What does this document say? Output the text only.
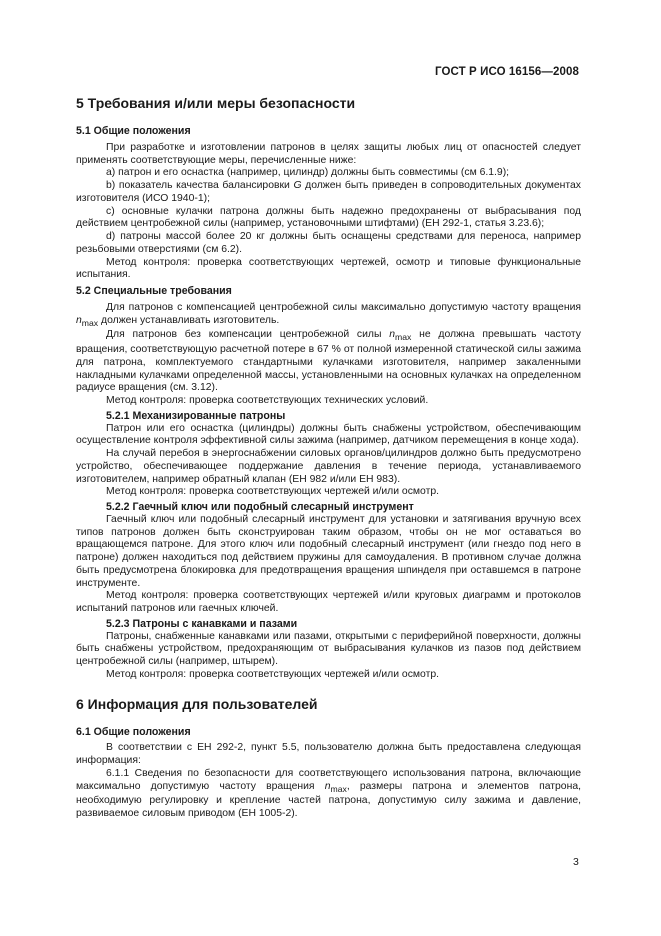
ГОСТ Р ИСО 16156—2008
5 Требования и/или меры безопасности
5.1 Общие положения

При разработке и изготовлении патронов в целях защиты любых лиц от опасностей следует применять соответствующие меры, перечисленные ниже:

a) патрон и его оснастка (например, цилиндр) должны быть совместимы (см 6.1.9);

b) показатель качества балансировки G должен быть приведен в сопроводительных документах изготовителя (ИСО 1940-1);

c) основные кулачки патрона должны быть надежно предохранены от выбрасывания под действием центробежной силы (например, установочными штифтами) (ЕН 292-1, статья 3.23.6);

d) патроны массой более 20 кг должны быть оснащены средствами для переноса, например резьбовыми отверстиями (см 6.2).

Метод контроля: проверка соответствующих чертежей, осмотр и типовые функциональные испытания.

5.2 Специальные требования

Для патронов с компенсацией центробежной силы максимально допустимую частоту вращения $n_{max}$ должен устанавливать изготовитель.

Для патронов без компенсации центробежной силы $n_{max}$ не должна превышать частоту вращения, соответствующую расчетной потере в 67 % от полной измеренной статической силы зажима для патрона, комплектуемого стандартными кулачками изготовителя, например закаленными накладными кулачками определенной массы, установленными на основных кулачках на определенном радиусе вращения (см. 3.12).

Метод контроля: проверка соответствующих технических условий.

5.2.1 Механизированные патроны

Патрон или его оснастка (цилиндры) должны быть снабжены устройством, обеспечивающим осуществление контроля эффективной силы зажима (например, датчиком перемещения в конце хода).

На случай перебоя в энергоснабжении силовых органов/цилиндров должно быть предусмотрено устройство, обеспечивающее поддержание давления в течение периода, устанавливаемого изготовителем, например обратный клапан (ЕН 982 и/или ЕН 983).

Метод контроля: проверка соответствующих чертежей и/или осмотр.

5.2.2 Гаечный ключ или подобный слесарный инструмент

Гаечный ключ или подобный слесарный инструмент для установки и затягивания вручную всех типов патронов должен быть сконструирован таким образом, чтобы он не мог оставаться во вращающемся патроне. Для этого ключ или подобный слесарный инструмент (или гнездо под него в патроне) должен находиться под действием пружины для самоудаления. В противном случае должна быть предусмотрена блокировка для предотвращения вращения шпинделя при оставшемся в патроне инструменте.

Метод контроля: проверка соответствующих чертежей и/или круговых диаграмм и протоколов испытаний патронов или гаечных ключей.

5.2.3 Патроны с канавками и пазами

Патроны, снабженные канавками или пазами, открытыми с периферийной поверхности, должны быть снабжены устройством, предохраняющим от выбрасывания кулачков из пазов под действием центробежной силы (например, штырем).

Метод контроля: проверка соответствующих чертежей и/или осмотр.

6 Информация для пользователей
6.1 Общие положения

В соответствии с ЕН 292-2, пункт 5.5, пользователю должна быть предоставлена следующая информация:

6.1.1 Сведения по безопасности для соответствующего использования патрона, включающие максимально допустимую частоту вращения $n_{max}$, размеры патрона и элементов патрона, необходимую регулировку и крепление частей патрона, допустимую силу зажима и давление, развиваемое силовым приводом (ЕН 1005-2).

3
